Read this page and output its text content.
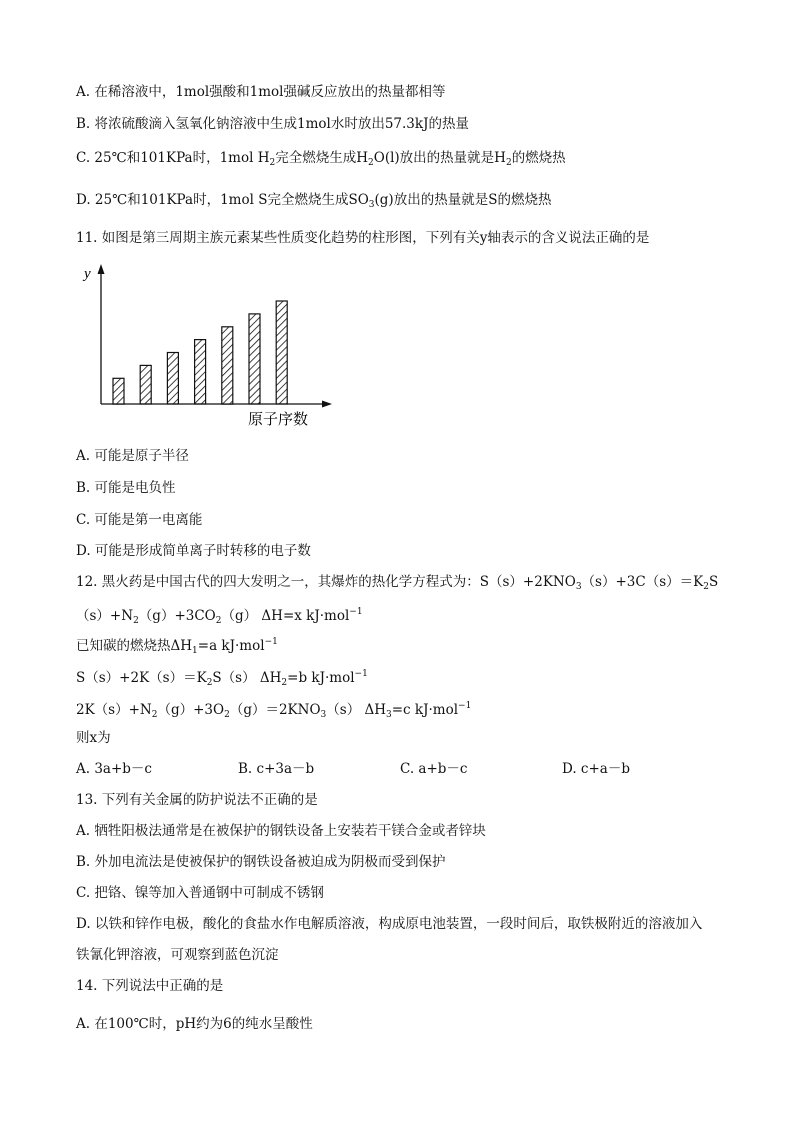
A. 在稀溶液中，1mol强酸和1mol强碱反应放出的热量都相等
B. 将浓硫酸滴入氢氧化钠溶液中生成1mol水时放出57.3kJ的热量
C. 25℃和101KPa时，1mol $H_2$完全燃烧生成$H_2O(l)$放出的热量就是$H_2$的燃烧热
D. 25℃和101KPa时，1mol S完全燃烧生成$SO_3(g)$放出的热量就是S的燃烧热
11. 如图是第三周期主族元素某些性质变化趋势的柱形图，下列有关y轴表示的含义说法正确的是
y
原子序数
A. 可能是原子半径
B. 可能是电负性
C. 可能是第一电离能
D. 可能是形成简单离子时转移的电子数
12. 黑火药是中国古代的四大发明之一，其爆炸的热化学方程式为：$S(s)+2KNO_3(s)+3C(s)=K_2S$
$(s)+N_2(g)+3CO_2(g)$ ΔH=x kJ·mol$^{-1}$
已知碳的燃烧热$\Delta H_1=a$ kJ·mol$^{-1}$
$S(s)+2K(s)=K_2S(s)$ $\Delta H_2=b$ kJ·mol$^{-1}$
$2K(s)+N_2(g)+3O_2(g)=2KNO_3(s)$ $\Delta H_3=c$ kJ·mol$^{-1}$
则x为
A. 3a+b－c	B. c+3a－b	C. a+b－c	D. c+a－b
13. 下列有关金属的防护说法不正确的是
A. 牺牲阳极法通常是在被保护的钢铁设备上安装若干镁合金或者锌块
B. 外加电流法是使被保护的钢铁设备被迫成为阴极而受到保护
C. 把铬、镍等加入普通钢中可制成不锈钢
D. 以铁和锌作电极，酸化的食盐水作电解质溶液，构成原电池装置，一段时间后，取铁极附近的溶液加入
铁氰化钾溶液，可观察到蓝色沉淀
14. 下列说法中正确的是
A. 在100℃时，pH约为6的纯水呈酸性
